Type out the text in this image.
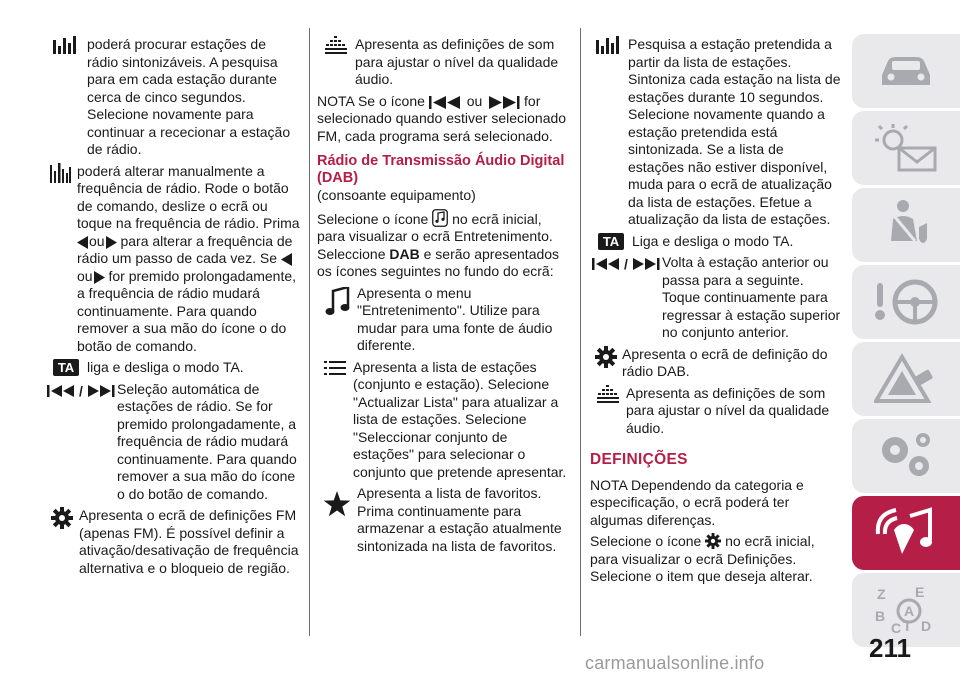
poderá procurar estações de rádio sintonizáveis. A pesquisa para em cada estação durante cerca de cinco segundos. Selecione novamente para continuar a rececionar a estação de rádio.
poderá alterar manualmente a frequência de rádio. Rode o botão de comando, deslize o ecrã ou toque na frequência de rádio. Prima ou para alterar a frequência de rádio um passo de cada vez. Se ou for premido prolongadamente, a frequência de rádio mudará continuamente. Para quando remover a sua mão do ícone o do botão de comando.
TA liga e desliga o modo TA.
/ Seleção automática de estações de rádio. Se for premido prolongadamente, a frequência de rádio mudará continuamente. Para quando remover a sua mão do ícone o do botão de comando.
Apresenta o ecrã de definições FM (apenas FM). É possível definir a ativação/desativação de frequência alternativa e o bloqueio de região.
Apresenta as definições de som para ajustar o nível da qualidade áudio.

NOTA Se o ícone	ou	for selecionado quando estiver selecionado FM, cada programa será selecionado.

Rádio de Transmissão Áudio Digital (DAB)

(consoante equipamento)

Selecione o ícone no ecrã inicial, para visualizar o ecrã Entretenimento. Seleccione DAB e serão apresentados os ícones seguintes no fundo do ecrã:

Apresenta o menu "Entretenimento". Utilize para mudar para uma fonte de áudio diferente.
Apresenta a lista de estações (conjunto e estação). Selecione "Actualizar Lista" para atualizar a lista de estações. Selecione "Seleccionar conjunto de estações" para selecionar o conjunto que pretende apresentar.
Apresenta a lista de favoritos. Prima continuamente para armazenar a estação atualmente sintonizada na lista de favoritos.
Pesquisa a estação pretendida a partir da lista de estações. Sintoniza cada estação na lista de estações durante 10 segundos. Selecione novamente quando a estação pretendida está sintonizada. Se a lista de estações não estiver disponível, muda para o ecrã de atualização da lista de estações. Efetue a atualização da lista de estações.
TA Liga e desliga o modo TA.
/ Volta à estação anterior ou passa para a seguinte. Toque continuamente para regressar à estação superior no conjunto anterior.
Apresenta o ecrã de definição do rádio DAB.
Apresenta as definições de som para ajustar o nível da qualidade áudio.
DEFINIÇÕES

NOTA Dependendo da categoria e especificação, o ecrã poderá ter algumas diferenças.

Selecione o ícone no ecrã inicial, para visualizar o ecrã Definições. Selecione o item que deseja alterar.

Z E
B
C T D
A
211
carmanualsonline.info
